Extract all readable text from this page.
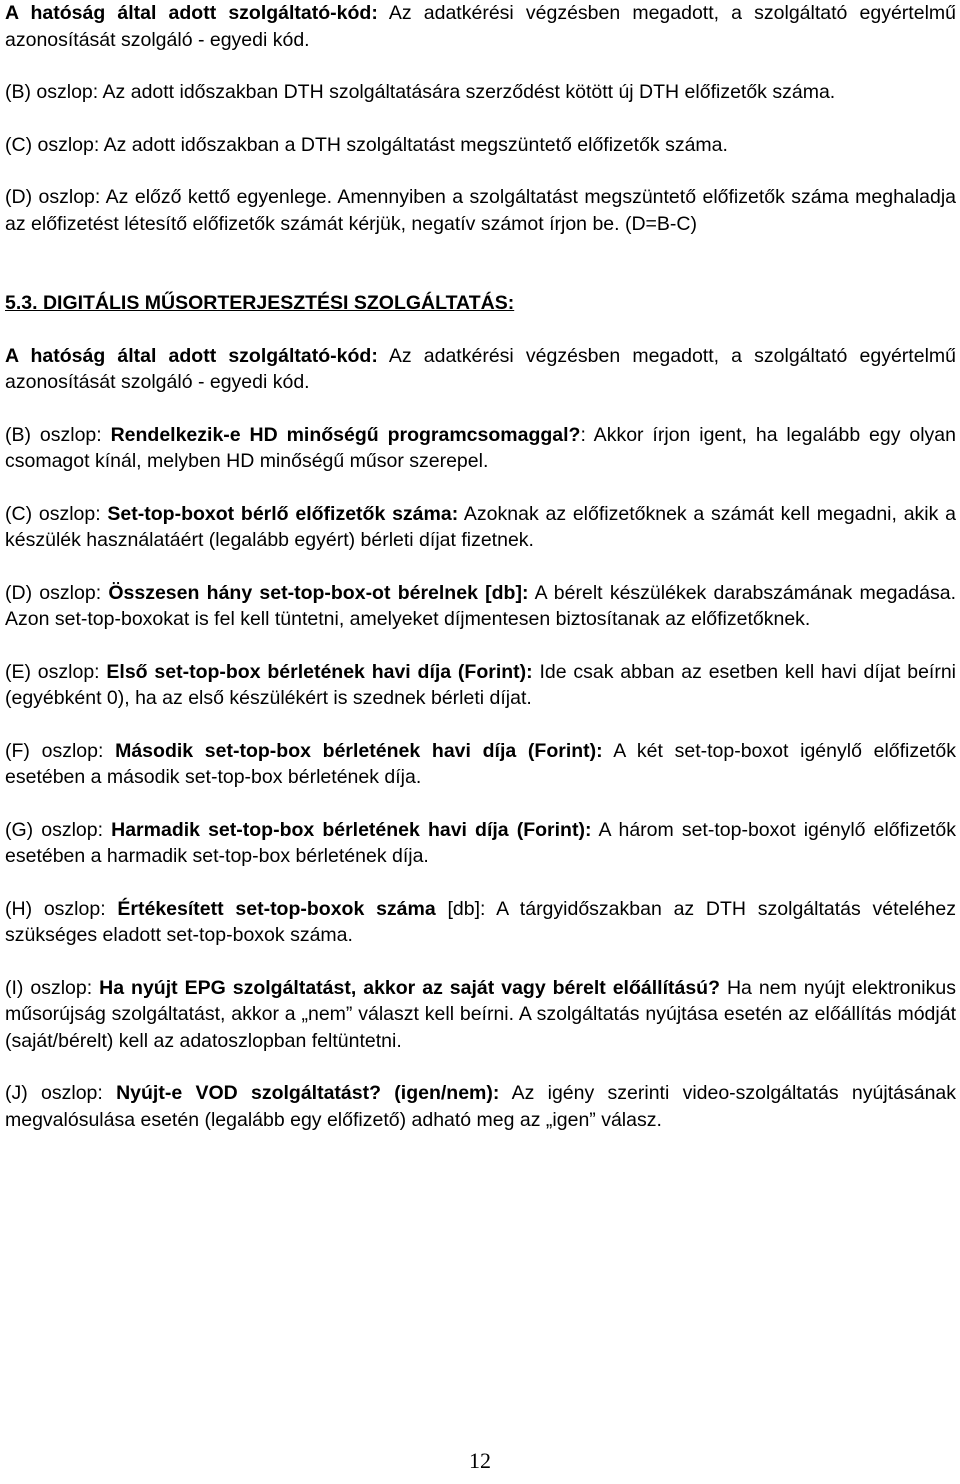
A hatóság által adott szolgáltató-kód: Az adatkérési végzésben megadott, a szolgáltató egyértelmű azonosítását szolgáló - egyedi kód.

(B) oszlop: Az adott időszakban DTH szolgáltatására szerződést kötött új DTH előfizetők száma.

(C) oszlop: Az adott időszakban a DTH szolgáltatást megszüntető előfizetők száma.

(D) oszlop: Az előző kettő egyenlege. Amennyiben a szolgáltatást megszüntető előfizetők száma meghaladja az előfizetést létesítő előfizetők számát kérjük, negatív számot írjon be. (D=B-C)

5.3. DIGITÁLIS MŰSORTERJESZTÉSI SZOLGÁLTATÁS:

A hatóság által adott szolgáltató-kód: Az adatkérési végzésben megadott, a szolgáltató egyértelmű azonosítását szolgáló - egyedi kód.

(B) oszlop: Rendelkezik-e HD minőségű programcsomaggal?: Akkor írjon igent, ha legalább egy olyan csomagot kínál, melyben HD minőségű műsor szerepel.

(C) oszlop: Set-top-boxot bérlő előfizetők száma: Azoknak az előfizetőknek a számát kell megadni, akik a készülék használatáért (legalább egyért) bérleti díjat fizetnek.

(D) oszlop: Összesen hány set-top-box-ot bérelnek [db]: A bérelt készülékek darabszámának megadása. Azon set-top-boxokat is fel kell tüntetni, amelyeket díjmentesen biztosítanak az előfizetőknek.

(E) oszlop: Első set-top-box bérletének havi díja (Forint): Ide csak abban az esetben kell havi díjat beírni (egyébként 0), ha az első készülékért is szednek bérleti díjat.

(F) oszlop: Második set-top-box bérletének havi díja (Forint): A két set-top-boxot igénylő előfizetők esetében a második set-top-box bérletének díja.

(G) oszlop: Harmadik set-top-box bérletének havi díja (Forint): A három set-top-boxot igénylő előfizetők esetében a harmadik set-top-box bérletének díja.

(H) oszlop: Értékesített set-top-boxok száma [db]: A tárgyidőszakban az DTH szolgáltatás vételéhez szükséges eladott set-top-boxok száma.

(I) oszlop: Ha nyújt EPG szolgáltatást, akkor az saját vagy bérelt előállítású? Ha nem nyújt elektronikus műsorújság szolgáltatást, akkor a „nem” választ kell beírni. A szolgáltatás nyújtása esetén az előállítás módját (saját/bérelt) kell az adatoszlopban feltüntetni.

(J) oszlop: Nyújt-e VOD szolgáltatást? (igen/nem): Az igény szerinti video-szolgáltatás nyújtásának megvalósulása esetén (legalább egy előfizető) adható meg az „igen” válasz.

12
